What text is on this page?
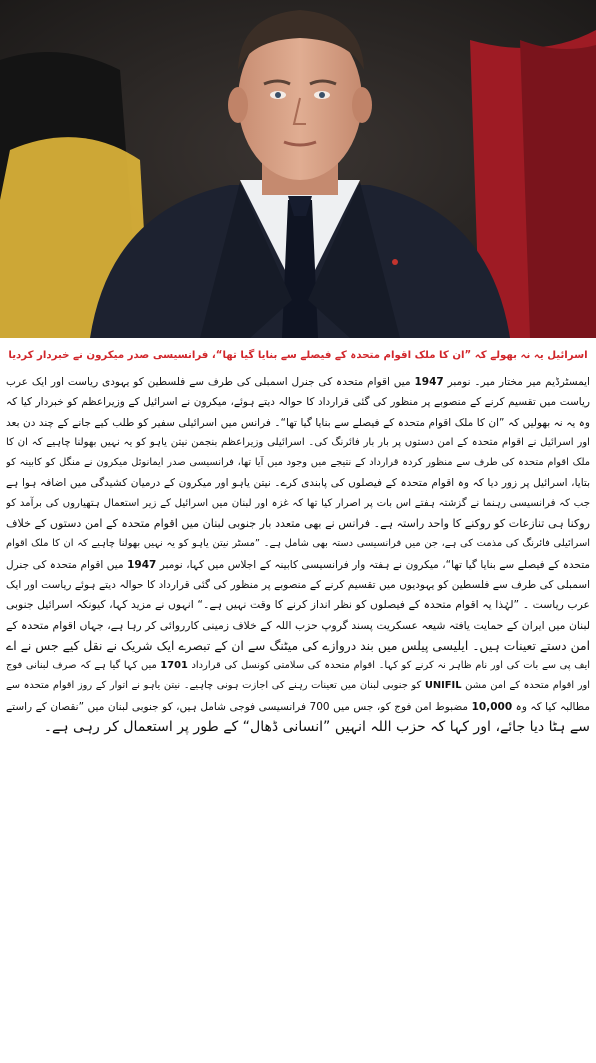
اسرائیل یہ نہ بھولے کہ ”ان کا ملک اقوام متحدہ کے فیصلے سے بنایا گیا تھا“، فرانسیسی صدر میکرون نے خبردار کردیا
ایمسٹرڈیم میر مختار میر۔ نومبر 1947 میں اقوام متحدہ کی جنرل اسمبلی کی طرف سے فلسطین کو یہودی ریاست اور ایک عرب
ریاست میں تقسیم کرنے کے منصوبے پر منظور کی گئی قرارداد کا حوالہ دیتے ہوئے، میکرون نے اسرائیل کے وزیراعظم کو خبردار کیا کہ
وہ یہ نہ بھولیں کہ ”ان کا ملک اقوام متحدہ کے فیصلے سے بنایا گیا تھا“۔ فرانس میں اسرائیلی سفیر کو طلب کیے جانے کے چند دن بعد
اور اسرائیل نے اقوام متحدہ کے امن دستوں پر بار بار فائرنگ کی۔ اسرائیلی وزیراعظم بنجمن نیتن یاہو کو یہ نہیں بھولنا چاہیے کہ ان کا
ملک اقوام متحدہ کی طرف سے منظور کردہ قرارداد کے نتیجے میں وجود میں آیا تھا، فرانسیسی صدر ایمانوئل میکرون نے منگل کو کابینہ کو
بتایا، اسرائیل پر زور دیا کہ وہ اقوام متحدہ کے فیصلوں کی پابندی کرے۔ نیتن یاہو اور میکرون کے درمیان کشیدگی میں اضافہ ہوا ہے
جب کہ فرانسیسی رہنما نے گزشتہ ہفتے اس بات پر اصرار کیا تھا کہ غزہ اور لبنان میں اسرائیل کے زیر استعمال ہتھیاروں کی برآمد کو
روکنا ہی تنازعات کو روکنے کا واحد راستہ ہے۔ فرانس نے بھی متعدد بار جنوبی لبنان میں اقوام متحدہ کے امن دستوں کے خلاف
اسرائیلی فائرنگ کی مذمت کی ہے، جن میں فرانسیسی دستہ بھی شامل ہے۔ ”مسٹر نیتن یاہو کو یہ نہیں بھولنا چاہیے کہ ان کا ملک اقوام
متحدہ کے فیصلے سے بنایا گیا تھا“، میکرون نے ہفتہ وار فرانسیسی کابینہ کے اجلاس میں کہا، نومبر 1947 میں اقوام متحدہ کی جنرل
اسمبلی کی طرف سے فلسطین کو یہودیوں میں تقسیم کرنے کے منصوبے پر منظور کی گئی قرارداد کا حوالہ دیتے ہوئے ریاست اور ایک
عرب ریاست ۔ ”لہٰذا یہ اقوام متحدہ کے فیصلوں کو نظر انداز کرنے کا وقت نہیں ہے۔“ انہوں نے مزید کہا، کیونکہ اسرائیل جنوبی
لبنان میں ایران کے حمایت یافتہ شیعہ عسکریت پسند گروپ حزب اللہ کے خلاف زمینی کارروائی کر رہا ہے، جہاں اقوام متحدہ کے
امن دستے تعینات ہیں۔ ایلیسی پیلس میں بند دروازے کی میٹنگ سے ان کے تبصرے ایک شریک نے نقل کیے جس نے اے
ایف پی سے بات کی اور نام ظاہر نہ کرنے کو کہا۔ اقوام متحدہ کی سلامتی کونسل کی قرارداد 1701 میں کہا گیا ہے کہ صرف لبنانی فوج
اور اقوام متحدہ کے امن مشن UNIFIL کو جنوبی لبنان میں تعینات رہنے کی اجازت ہونی چاہیے۔ نیتن یاہو نے اتوار کے روز اقوام متحدہ سے
مطالبہ کیا کہ وہ 10,000 مضبوط امن فوج کو، جس میں 700 فرانسیسی فوجی شامل ہیں، کو جنوبی لبنان میں ”نقصان کے راستے
سے ہٹا دیا جائے، اور کہا کہ حزب اللہ انہیں ”انسانی ڈھال“ کے طور پر استعمال کر رہی ہے۔
